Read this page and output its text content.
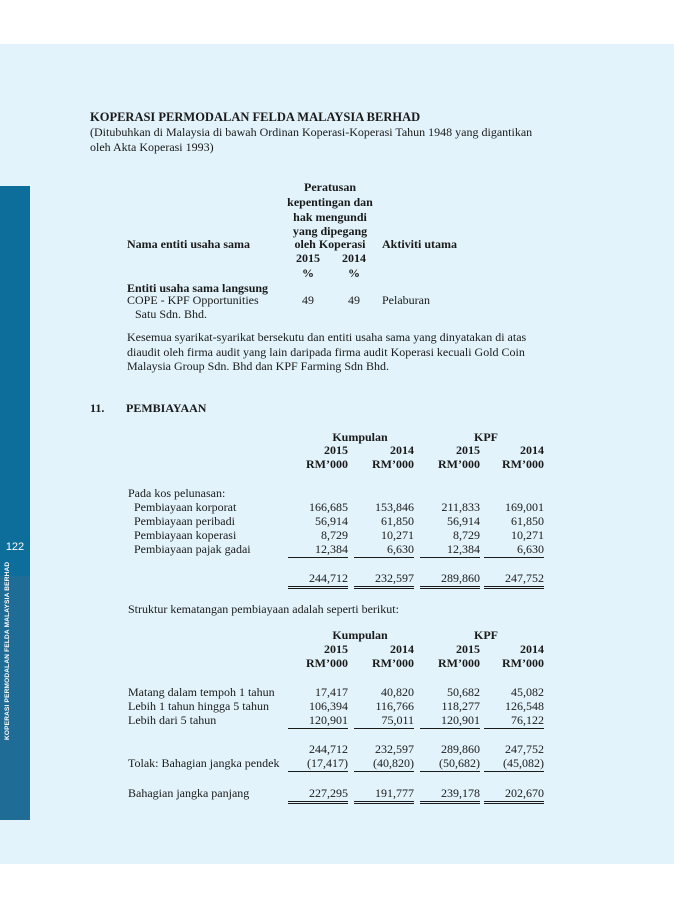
122
KOPERASI PERMODALAN FELDA MALAYSIA BERHAD
KOPERASI PERMODALAN FELDA MALAYSIA BERHAD
(Ditubuhkan di Malaysia di bawah Ordinan Koperasi-Koperasi Tahun 1948 yang digantikan
oleh Akta Koperasi 1993)
Peratusan
kepentingan dan
hak mengundi
yang dipegang
oleh Koperasi
Nama entiti usaha sama	Aktiviti utama
2015	2014
%	%
Entiti usaha sama langsung
COPE - KPF Opportunities
Satu Sdn. Bhd.
49	49	Pelaburan
Kesemua syarikat-syarikat bersekutu dan entiti usaha sama yang dinyatakan di atas
diaudit oleh firma audit yang lain daripada firma audit Koperasi kecuali Gold Coin
Malaysia Group Sdn. Bhd dan KPF Farming Sdn Bhd.
11. PEMBIAYAAN
Kumpulan	KPF
2015	2014	2015	2014
RM’000	RM’000	RM’000	RM’000
Pada kos pelunasan:
Pembiayaan korporat	166,685	153,846	211,833	169,001
Pembiayaan peribadi	56,914	61,850	56,914	61,850
Pembiayaan koperasi	8,729	10,271	8,729	10,271
Pembiayaan pajak gadai	12,384	6,630	12,384	6,630
244,712	232,597	289,860	247,752
Struktur kematangan pembiayaan adalah seperti berikut:
Kumpulan	KPF
2015	2014	2015	2014
RM’000	RM’000	RM’000	RM’000
Matang dalam tempoh 1 tahun	17,417	40,820	50,682	45,082
Lebih 1 tahun hingga 5 tahun	106,394	116,766	118,277	126,548
Lebih dari 5 tahun	120,901	75,011	120,901	76,122
244,712	232,597	289,860	247,752
Tolak: Bahagian jangka pendek	(17,417)	(40,820)	(50,682)	(45,082)
Bahagian jangka panjang	227,295	191,777	239,178	202,670
